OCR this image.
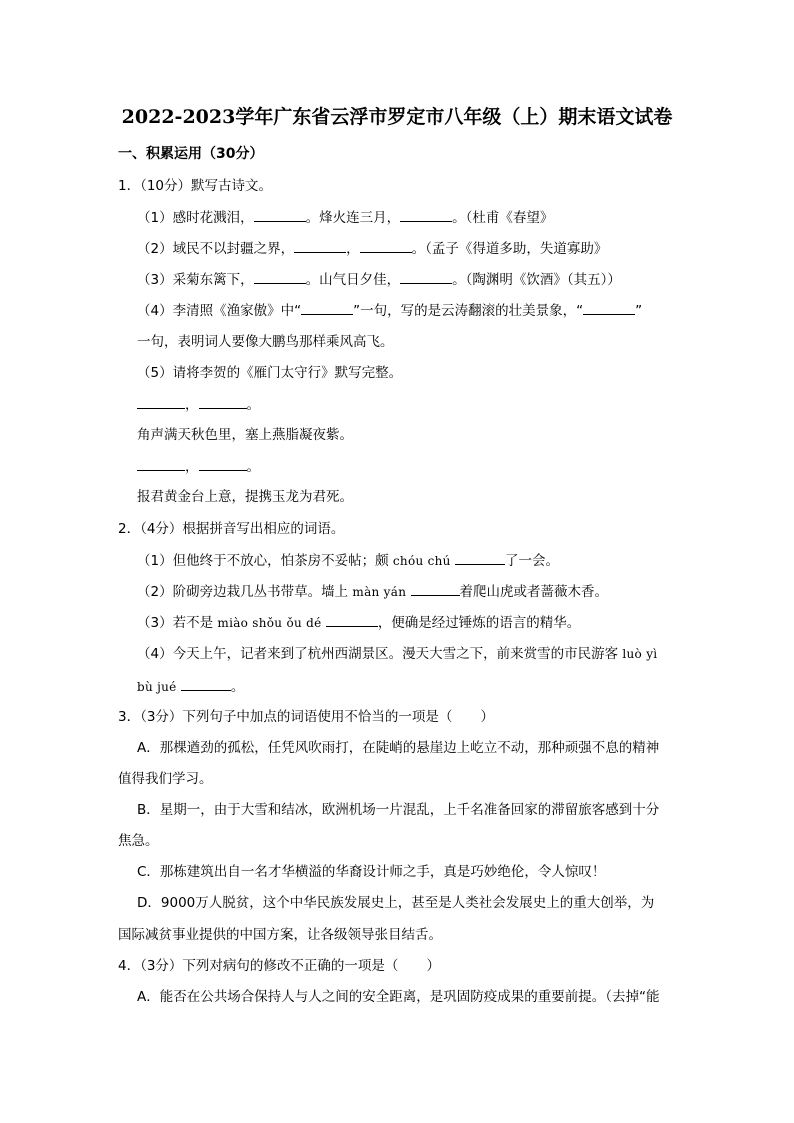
2022-2023学年广东省云浮市罗定市八年级（上）期末语文试卷
一、积累运用（30分）
1．（10分）默写古诗文。
（1）感时花溅泪，	。烽火连三月，	。（杜甫《春望》
（2）域民不以封疆之界，	，	。（孟子《得道多助，失道寡助》
（3）采菊东篱下，	。山气日夕佳，	。（陶渊明《饮酒》（其五））
（4）李清照《渔家傲》中“	”一句，写的是云涛翻滚的壮美景象，“	”
一句，表明词人要像大鹏鸟那样乘风高飞。
（5）请将李贺的《雁门太守行》默写完整。
，	。
角声满天秋色里，塞上燕脂凝夜紫。
，	。
报君黄金台上意，提携玉龙为君死。
2．（4分）根据拼音写出相应的词语。
（1）但他终于不放心，怕茶房不妥帖；颇 chóu chú	了一会。
（2）阶砌旁边栽几丛书带草。墙上 màn yán	着爬山虎或者蔷薇木香。
（3）若不是 miào shǒu ǒu dé	，便确是经过锤炼的语言的精华。
（4）今天上午，记者来到了杭州西湖景区。漫天大雪之下，前来赏雪的市民游客 luò yì
bù jué	。
3．（3分）下列句子中加点的词语使用不恰当的一项是（ ）
A．那棵遒劲的孤松，任凭风吹雨打，在陡峭的悬崖边上屹立不动，那种顽强不息的精神
值得我们学习。
B．星期一，由于大雪和结冰，欧洲机场一片混乱，上千名准备回家的滞留旅客感到十分
焦急。
C．那栋建筑出自一名才华横溢的华裔设计师之手，真是巧妙绝伦，令人惊叹！
D．9000万人脱贫，这个中华民族发展史上，甚至是人类社会发展史上的重大创举，为
国际减贫事业提供的中国方案，让各级领导张目结舌。
4．（3分）下列对病句的修改不正确的一项是（ ）
A．能否在公共场合保持人与人之间的安全距离，是巩固防疫成果的重要前提。（去掉“能
